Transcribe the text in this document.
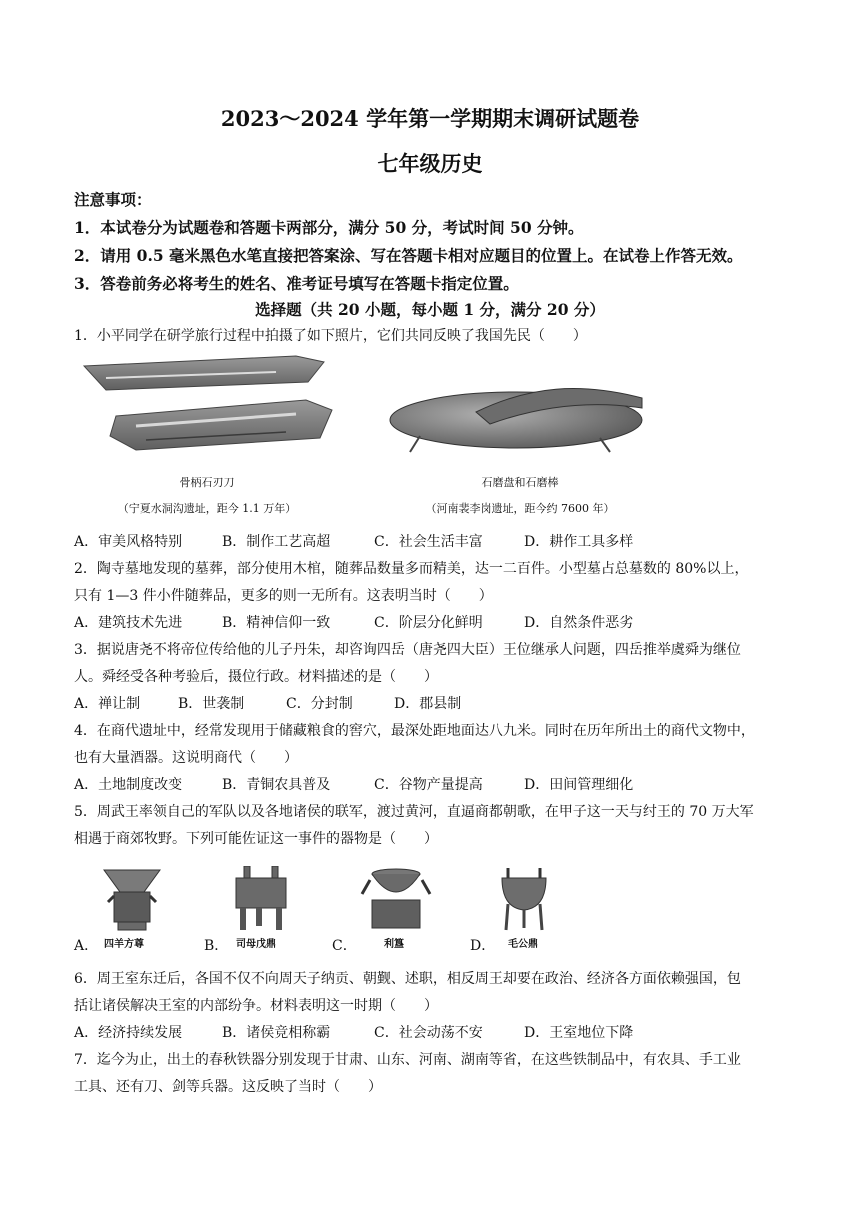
2023～2024 学年第一学期期末调研试题卷
七年级历史
注意事项：
1．本试卷分为试题卷和答题卡两部分，满分 50 分，考试时间 50 分钟。
2．请用 0.5 毫米黑色水笔直接把答案涂、写在答题卡相对应题目的位置上。在试卷上作答无效。
3．答卷前务必将考生的姓名、准考证号填写在答题卡指定位置。
选择题（共 20 小题，每小题 1 分，满分 20 分）
1．小平同学在研学旅行过程中拍摄了如下照片，它们共同反映了我国先民（　　）
骨柄石刃刀
（宁夏水洞沟遗址，距今 1.1 万年）
石磨盘和石磨棒
（河南裴李岗遗址，距今约 7600 年）
A．审美风格特别	B．制作工艺高超	C．社会生活丰富	D．耕作工具多样
2．陶寺墓地发现的墓葬，部分使用木棺，随葬品数量多而精美，达一二百件。小型墓占总墓数的 80%以上，
只有 1—3 件小件随葬品，更多的则一无所有。这表明当时（　　）
A．建筑技术先进	B．精神信仰一致	C．阶层分化鲜明	D．自然条件恶劣
3．据说唐尧不将帝位传给他的儿子丹朱，却咨询四岳（唐尧四大臣）王位继承人问题，四岳推举虞舜为继位
人。舜经受各种考验后，摄位行政。材料描述的是（　　）
A．禅让制	B．世袭制	C．分封制	D．郡县制
4．在商代遗址中，经常发现用于储藏粮食的窖穴，最深处距地面达八九米。同时在历年所出土的商代文物中，
也有大量酒器。这说明商代（　　）
A．土地制度改变	B．青铜农具普及	C．谷物产量提高	D．田间管理细化
5．周武王率领自己的军队以及各地诸侯的联军，渡过黄河，直逼商都朝歌，在甲子这一天与纣王的 70 万大军
相遇于商郊牧野。下列可能佐证这一事件的器物是（　　）
四羊方尊
A．	司母戊鼎
B．	利簋
C．	毛公鼎
D．
6．周王室东迁后，各国不仅不向周天子纳贡、朝觐、述职，相反周王却要在政治、经济各方面依赖强国，包
括让诸侯解决王室的内部纷争。材料表明这一时期（　　）
A．经济持续发展	B．诸侯竞相称霸	C．社会动荡不安	D．王室地位下降
7．迄今为止，出土的春秋铁器分别发现于甘肃、山东、河南、湖南等省，在这些铁制品中，有农具、手工业
工具、还有刀、剑等兵器。这反映了当时（　　）
